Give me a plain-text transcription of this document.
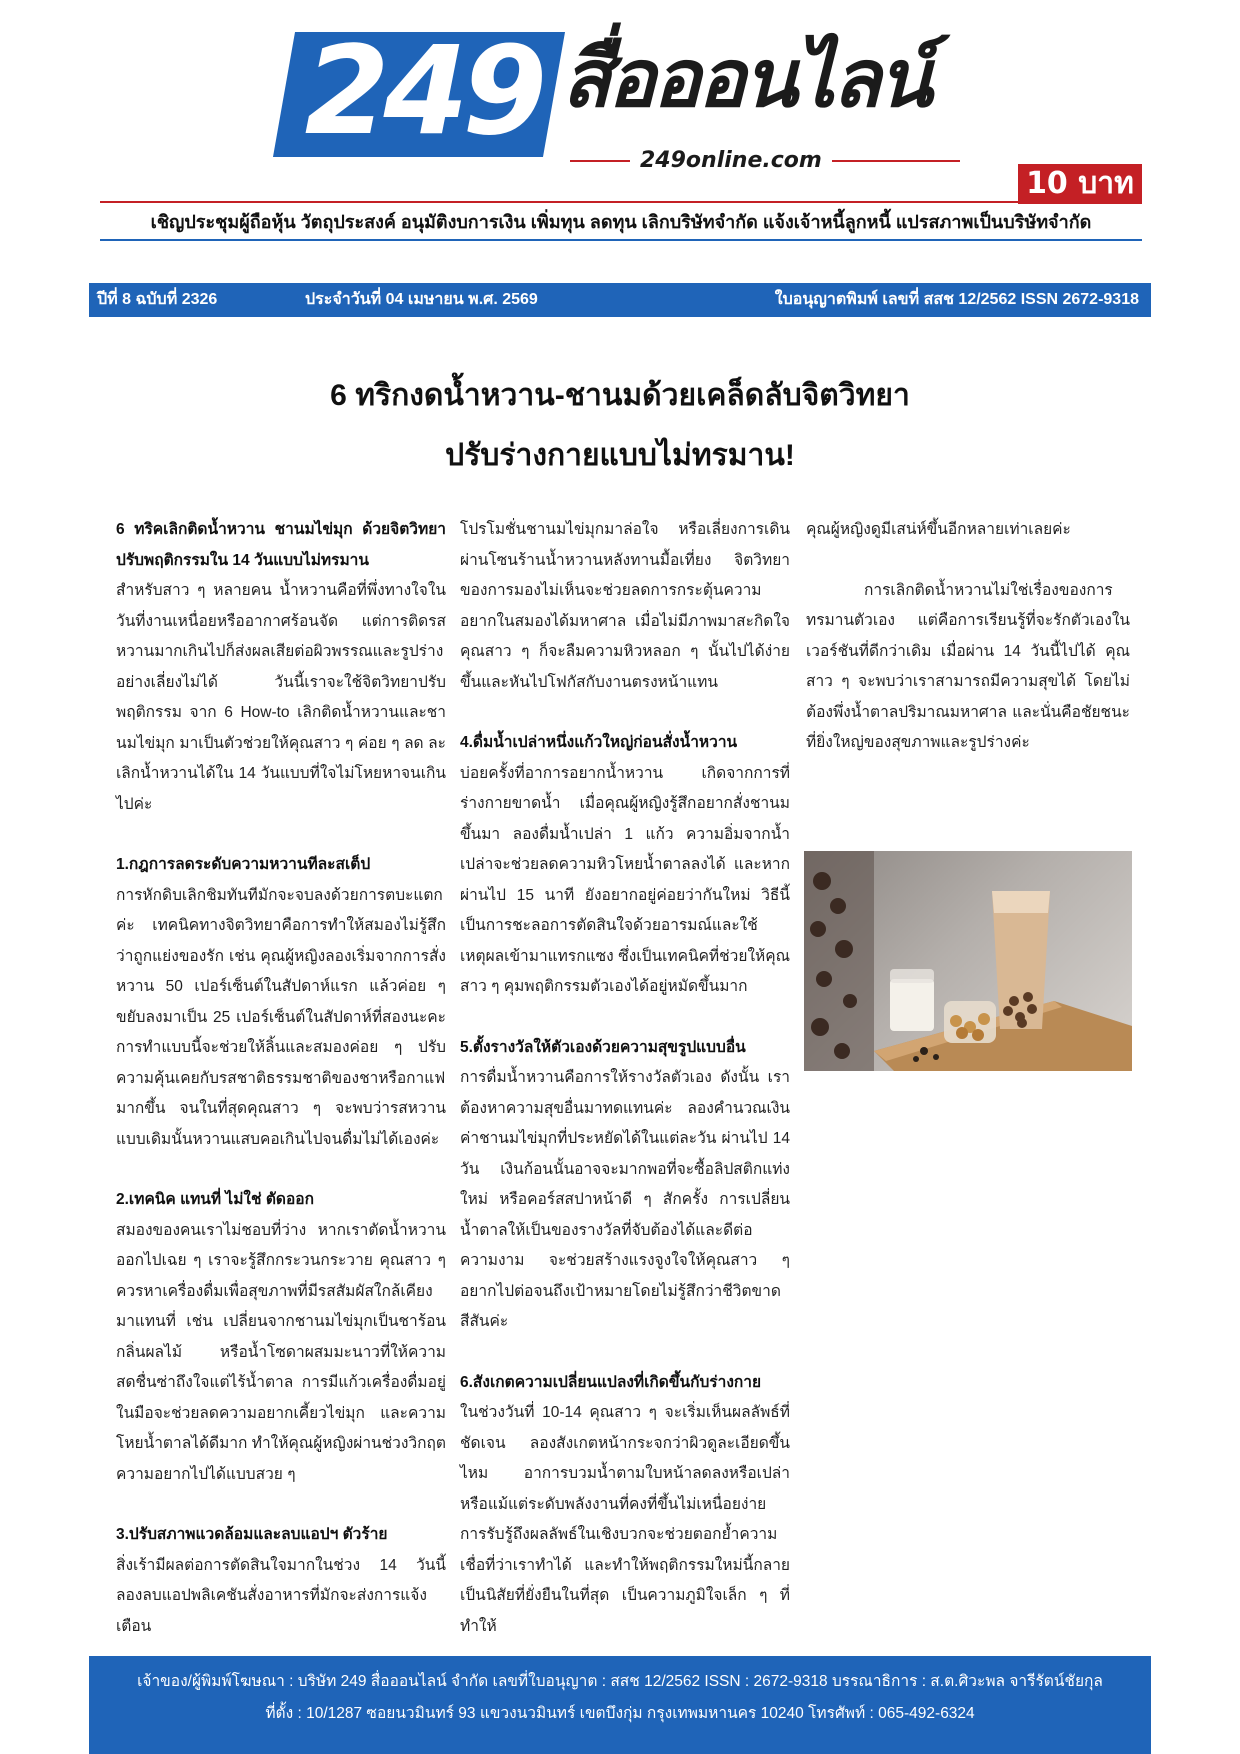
249 สื่อออนไลน์
249online.com
10 บาท
เชิญประชุมผู้ถือหุ้น วัตถุประสงค์ อนุมัติงบการเงิน เพิ่มทุน ลดทุน เลิกบริษัทจำกัด แจ้งเจ้าหนี้ลูกหนี้ แปรสภาพเป็นบริษัทจำกัด
ปีที่ 8 ฉบับที่ 2326	ประจำวันที่ 04 เมษายน พ.ศ. 2569	ใบอนุญาตพิมพ์ เลขที่ สสช 12/2562 ISSN 2672-9318
6 ทริกงดน้ำหวาน-ชานมด้วยเคล็ดลับจิตวิทยา
ปรับร่างกายแบบไม่ทรมาน!

6 ทริคเลิกติดน้ำหวาน ชานมไข่มุก ด้วยจิตวิทยา ปรับพฤติกรรมใน 14 วันแบบไม่ทรมาน

สำหรับสาว ๆ หลายคน น้ำหวานคือที่พึ่งทางใจในวันที่งานเหนื่อยหรืออากาศร้อนจัด แต่การติดรสหวานมากเกินไปก็ส่งผลเสียต่อผิวพรรณและรูปร่างอย่างเลี่ยงไม่ได้ วันนี้เราจะใช้จิตวิทยาปรับพฤติกรรม จาก 6 How-to เลิกติดน้ำหวานและชานมไข่มุก มาเป็นตัวช่วยให้คุณสาว ๆ ค่อย ๆ ลด ละ เลิกน้ำหวานได้ใน 14 วันแบบที่ใจไม่โหยหาจนเกินไปค่ะ

1.กฎการลดระดับความหวานทีละสเต็ป

การหักดิบเลิกชิมทันทีมักจะจบลงด้วยการตบะแตกค่ะ เทคนิคทางจิตวิทยาคือการทำให้สมองไม่รู้สึกว่าถูกแย่งของรัก เช่น คุณผู้หญิงลองเริ่มจากการสั่งหวาน 50 เปอร์เซ็นต์ในสัปดาห์แรก แล้วค่อย ๆ ขยับลงมาเป็น 25 เปอร์เซ็นต์ในสัปดาห์ที่สองนะคะ การทำแบบนี้จะช่วยให้ลิ้นและสมองค่อย ๆ ปรับความคุ้นเคยกับรสชาติธรรมชาติของชาหรือกาแฟมากขึ้น จนในที่สุดคุณสาว ๆ จะพบว่ารสหวานแบบเดิมนั้นหวานแสบคอเกินไปจนดื่มไม่ได้เองค่ะ

2.เทคนิค แทนที่ ไม่ใช่ ตัดออก

สมองของคนเราไม่ชอบที่ว่าง หากเราตัดน้ำหวานออกไปเฉย ๆ เราจะรู้สึกกระวนกระวาย คุณสาว ๆ ควรหาเครื่องดื่มเพื่อสุขภาพที่มีรสสัมผัสใกล้เคียงมาแทนที่ เช่น เปลี่ยนจากชานมไข่มุกเป็นชาร้อนกลิ่นผลไม้ หรือน้ำโซดาผสมมะนาวที่ให้ความสดชื่นซ่าถึงใจแต่ไร้น้ำตาล การมีแก้วเครื่องดื่มอยู่ในมือจะช่วยลดความอยากเคี้ยวไข่มุก และความโหยน้ำตาลได้ดีมาก ทำให้คุณผู้หญิงผ่านช่วงวิกฤตความอยากไปได้แบบสวย ๆ

3.ปรับสภาพแวดล้อมและลบแอปฯ ตัวร้าย

สิ่งเร้ามีผลต่อการตัดสินใจมากในช่วง 14 วันนี้ ลองลบแอปพลิเคชันสั่งอาหารที่มักจะส่งการแจ้งเตือน

โปรโมชั่นชานมไข่มุกมาล่อใจ หรือเลี่ยงการเดินผ่านโซนร้านน้ำหวานหลังทานมื้อเที่ยง จิตวิทยาของการมองไม่เห็นจะช่วยลดการกระตุ้นความอยากในสมองได้มหาศาล เมื่อไม่มีภาพมาสะกิดใจ คุณสาว ๆ ก็จะลืมความหิวหลอก ๆ นั้นไปได้ง่ายขึ้นและหันไปโฟกัสกับงานตรงหน้าแทน

4.ดื่มน้ำเปล่าหนึ่งแก้วใหญ่ก่อนสั่งน้ำหวาน

บ่อยครั้งที่อาการอยากน้ำหวาน เกิดจากการที่ร่างกายขาดน้ำ เมื่อคุณผู้หญิงรู้สึกอยากสั่งชานมขึ้นมา ลองดื่มน้ำเปล่า 1 แก้ว ความอิ่มจากน้ำเปล่าจะช่วยลดความหิวโหยน้ำตาลลงได้ และหากผ่านไป 15 นาที ยังอยากอยู่ค่อยว่ากันใหม่ วิธีนี้เป็นการชะลอการตัดสินใจด้วยอารมณ์และใช้เหตุผลเข้ามาแทรกแซง ซึ่งเป็นเทคนิคที่ช่วยให้คุณสาว ๆ คุมพฤติกรรมตัวเองได้อยู่หมัดขึ้นมาก

5.ตั้งรางวัลให้ตัวเองด้วยความสุขรูปแบบอื่น

การดื่มน้ำหวานคือการให้รางวัลตัวเอง ดังนั้น เราต้องหาความสุขอื่นมาทดแทนค่ะ ลองคำนวณเงินค่าชานมไข่มุกที่ประหยัดได้ในแต่ละวัน ผ่านไป 14 วัน เงินก้อนนั้นอาจจะมากพอที่จะซื้อลิปสติกแท่งใหม่ หรือคอร์สสปาหน้าดี ๆ สักครั้ง การเปลี่ยนน้ำตาลให้เป็นของรางวัลที่จับต้องได้และดีต่อความงาม จะช่วยสร้างแรงจูงใจให้คุณสาว ๆ อยากไปต่อจนถึงเป้าหมายโดยไม่รู้สึกว่าชีวิตขาดสีสันค่ะ

6.สังเกตความเปลี่ยนแปลงที่เกิดขึ้นกับร่างกาย

ในช่วงวันที่ 10-14 คุณสาว ๆ จะเริ่มเห็นผลลัพธ์ที่ชัดเจน ลองสังเกตหน้ากระจกว่าผิวดูละเอียดขึ้นไหม อาการบวมน้ำตามใบหน้าลดลงหรือเปล่า หรือแม้แต่ระดับพลังงานที่คงที่ขึ้นไม่เหนื่อยง่าย การรับรู้ถึงผลลัพธ์ในเชิงบวกจะช่วยตอกย้ำความเชื่อที่ว่าเราทำได้ และทำให้พฤติกรรมใหม่นี้กลายเป็นนิสัยที่ยั่งยืนในที่สุด เป็นความภูมิใจเล็ก ๆ ที่ทำให้

คุณผู้หญิงดูมีเสน่ห์ขึ้นอีกหลายเท่าเลยค่ะ

การเลิกติดน้ำหวานไม่ใช่เรื่องของการทรมานตัวเอง แต่คือการเรียนรู้ที่จะรักตัวเองในเวอร์ชันที่ดีกว่าเดิม เมื่อผ่าน 14 วันนี้ไปได้ คุณสาว ๆ จะพบว่าเราสามารถมีความสุขได้ โดยไม่ต้องพึ่งน้ำตาลปริมาณมหาศาล และนั่นคือชัยชนะที่ยิ่งใหญ่ของสุขภาพและรูปร่างค่ะ

เจ้าของ/ผู้พิมพ์โฆษณา : บริษัท 249 สื่อออนไลน์ จำกัด เลขที่ใบอนุญาต : สสช 12/2562 ISSN : 2672-9318 บรรณาธิการ : ส.ต.ศิวะพล จารีรัตน์ชัยกุล

ที่ตั้ง : 10/1287 ซอยนวมินทร์ 93 แขวงนวมินทร์ เขตบึงกุ่ม กรุงเทพมหานคร 10240 โทรศัพท์ : 065-492-6324
